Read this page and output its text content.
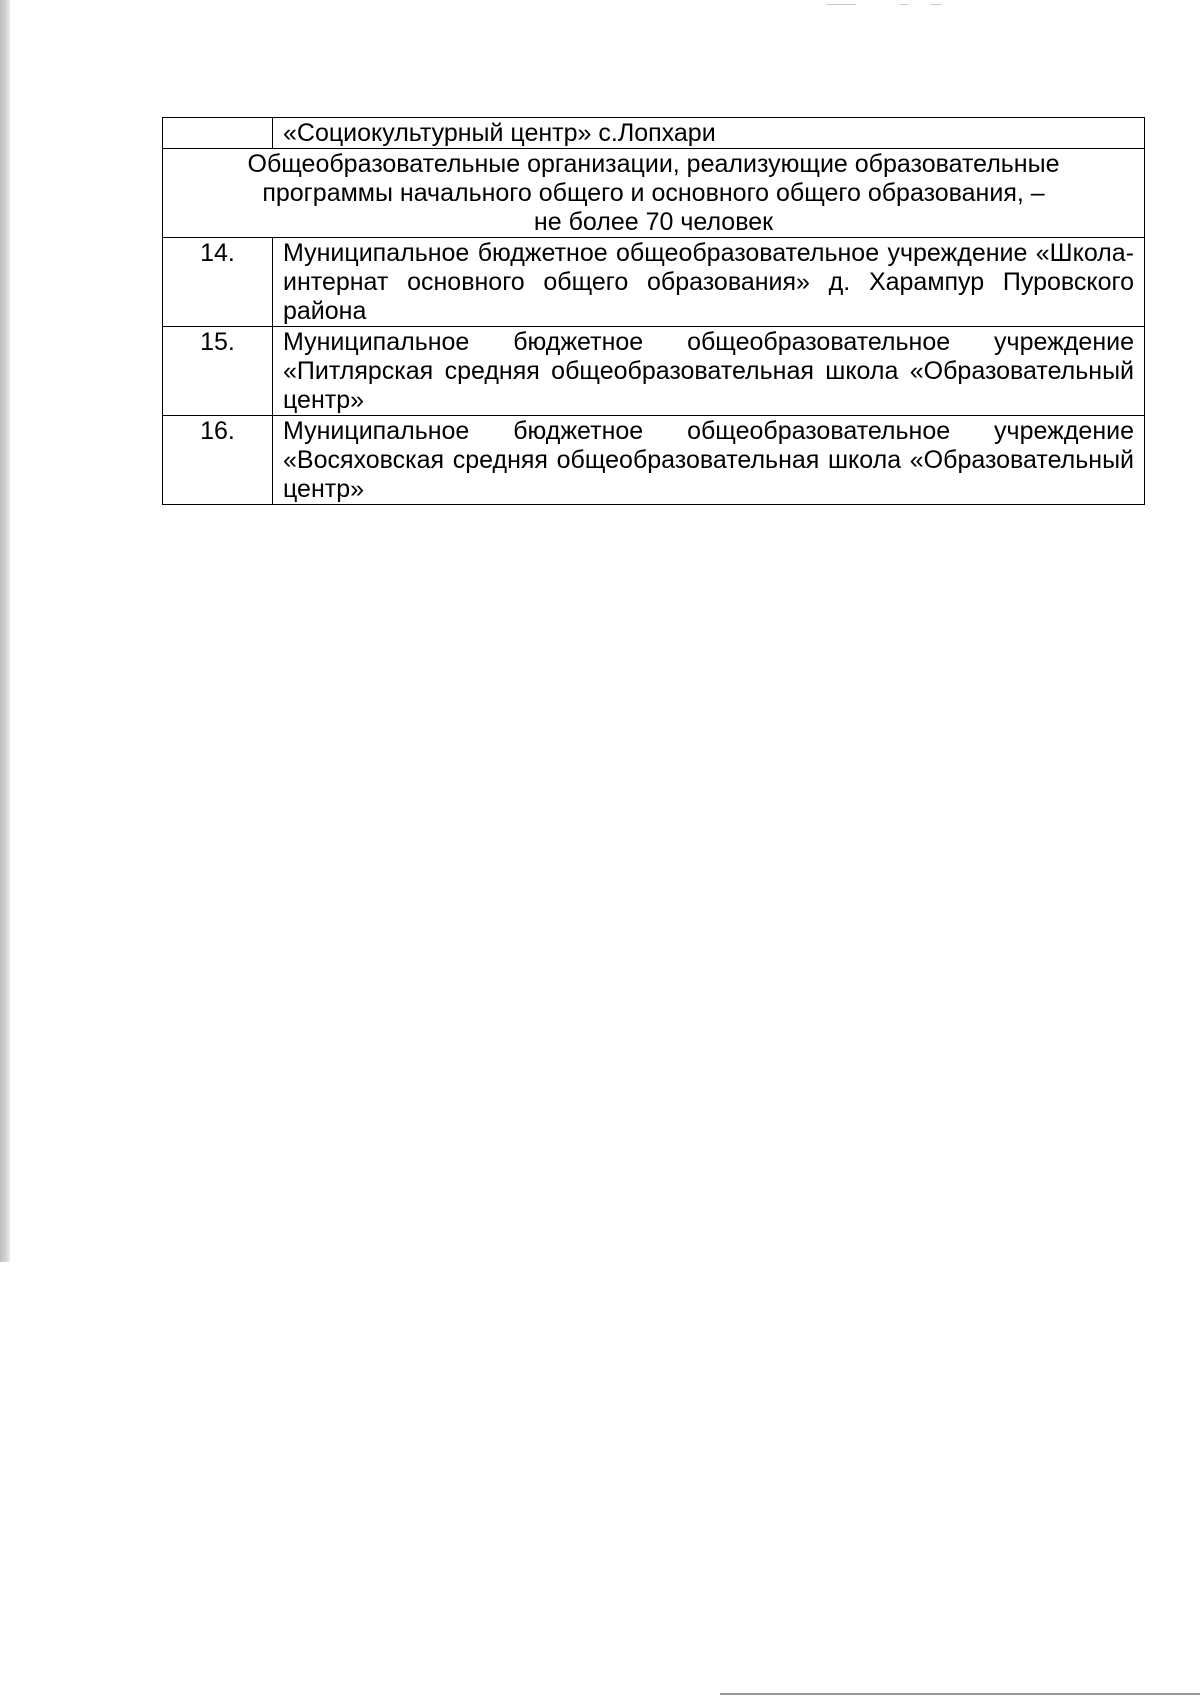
	«Социокультурный центр» с.Лопхари

Общеобразовательные организации, реализующие образовательные
программы начального общего и основного общего образования, –
не более 70 человек	

14.	Муниципальное бюджетное общеобразовательное учреждение «Школа-интернат основного общего образования» д. Харампур Пуровского района
15.	Муниципальное бюджетное общеобразовательное учреждение «Питлярская средняя общеобразовательная школа «Образовательный центр»
16.	Муниципальное бюджетное общеобразовательное учреждение «Восяховская средняя общеобразовательная школа «Образовательный центр»
